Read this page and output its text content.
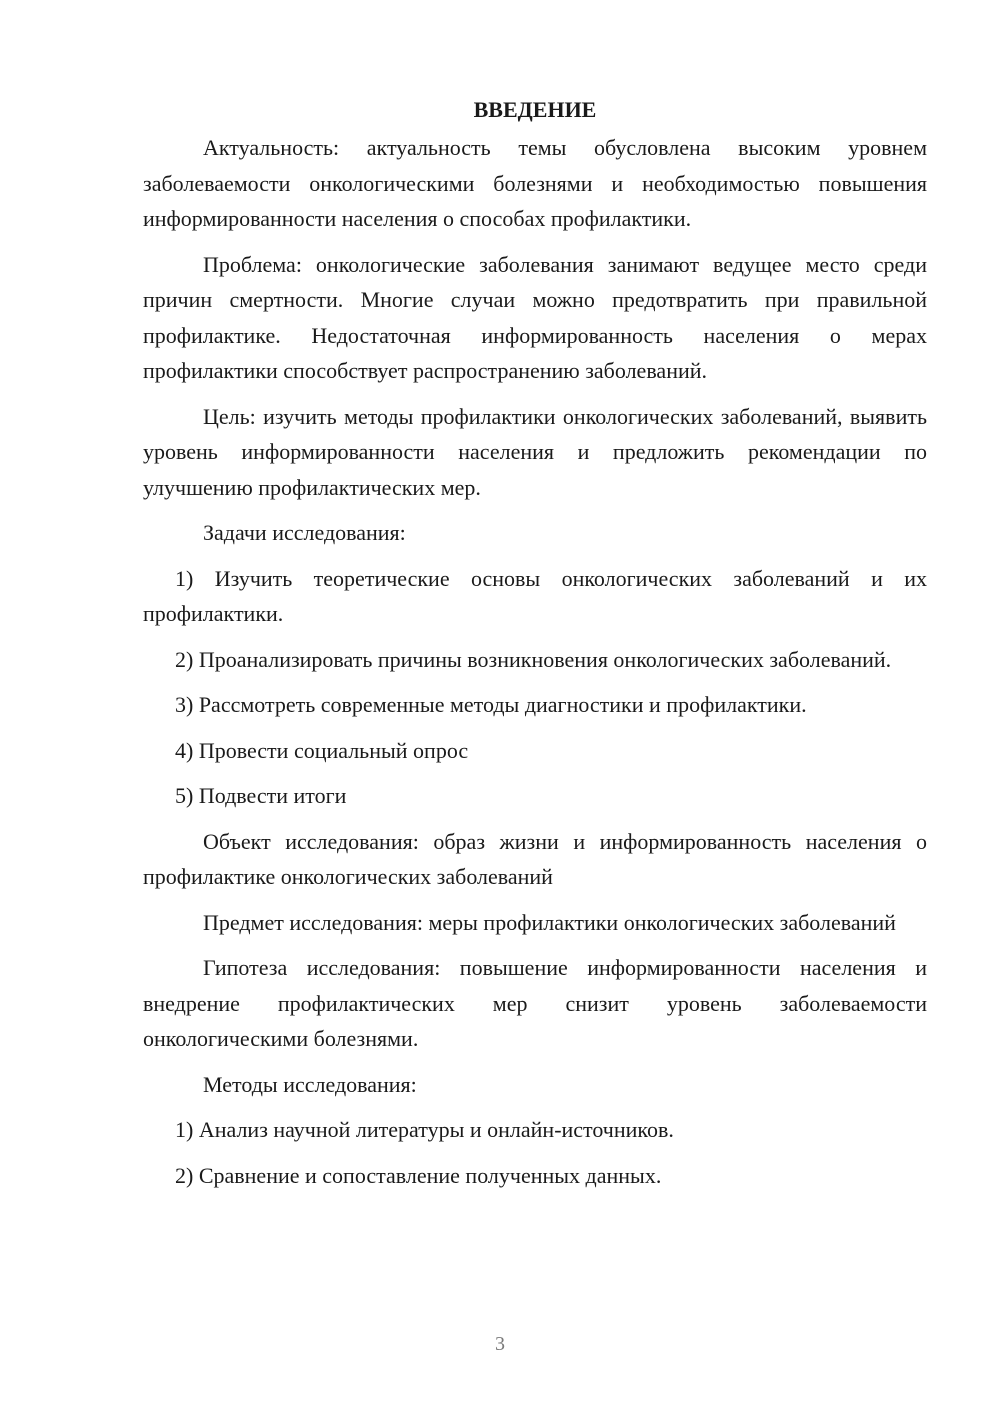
ВВЕДЕНИЕ

Актуальность: актуальность темы обусловлена высоким уровнем заболеваемости онкологическими болезнями и необходимостью повышения информированности населения о способах профилактики.

Проблема: онкологические заболевания занимают ведущее место среди причин смертности. Многие случаи можно предотвратить при правильной профилактике. Недостаточная информированность населения о мерах профилактики способствует распространению заболеваний.

Цель: изучить методы профилактики онкологических заболеваний, выявить уровень информированности населения и предложить рекомендации по улучшению профилактических мер.

Задачи исследования:

1) Изучить теоретические основы онкологических заболеваний и их профилактики.

2) Проанализировать причины возникновения онкологических заболеваний.

3) Рассмотреть современные методы диагностики и профилактики.

4) Провести социальный опрос

5) Подвести итоги

Объект исследования: образ жизни и информированность населения о профилактике онкологических заболеваний

Предмет исследования: меры профилактики онкологических заболеваний

Гипотеза исследования: повышение информированности населения и внедрение профилактических мер снизит уровень заболеваемости онкологическими болезнями.

Методы исследования:

1) Анализ научной литературы и онлайн-источников.

2) Сравнение и сопоставление полученных данных.

3
